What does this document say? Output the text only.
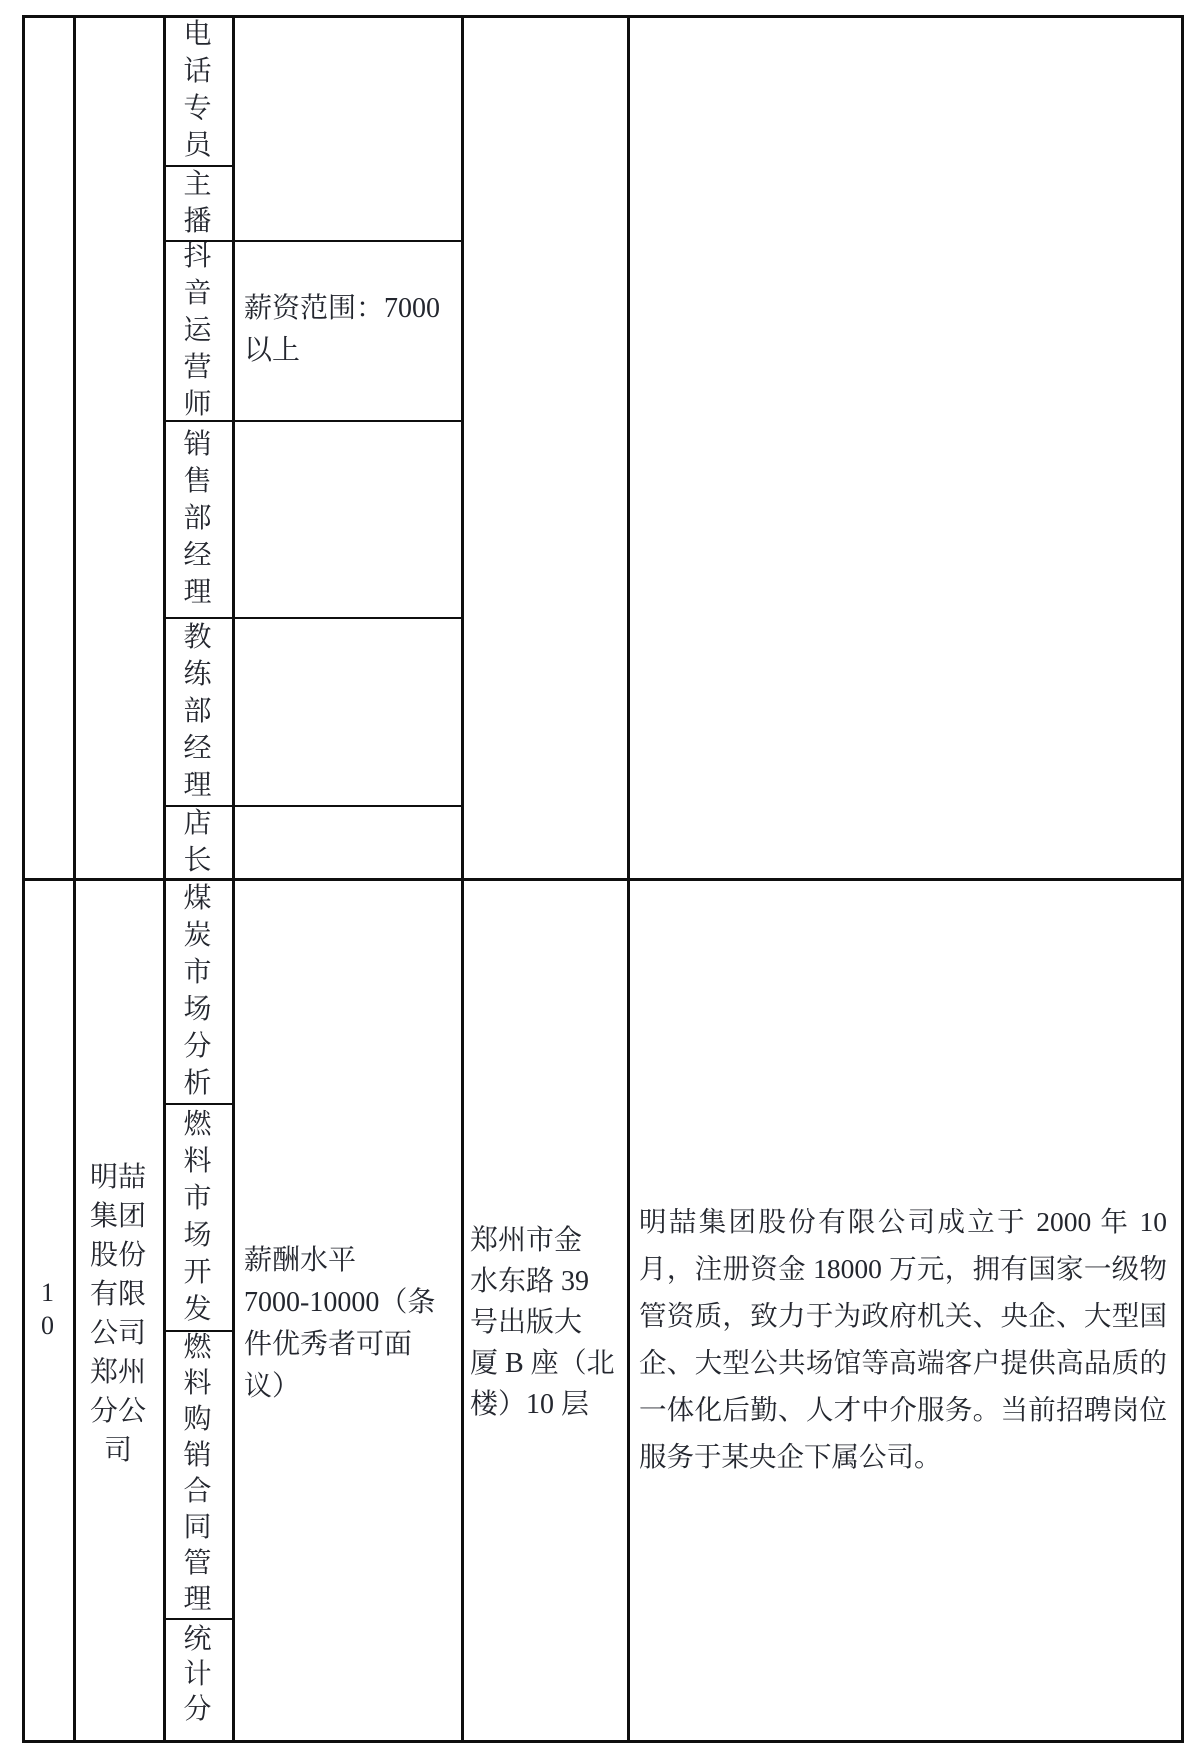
电话专员
主播
抖音运营师
销售部经理
教练部经理
店长
薪资范围：7000
以上
10
明喆集团股份有限公司郑州分公司
煤炭市场分析
燃料市场开发
燃料购销合同管理
统计分
薪酬水平
7000-10000（条
件优秀者可面
议）
郑州市金
水东路 39
号出版大
厦 B 座（北
楼）10 层
明喆集团股份有限公司成立于 2000 年 10
月，注册资金 18000 万元，拥有国家一级物
管资质，致力于为政府机关、央企、大型国
企、大型公共场馆等高端客户提供高品质的
一体化后勤、人才中介服务。当前招聘岗位
服务于某央企下属公司。
